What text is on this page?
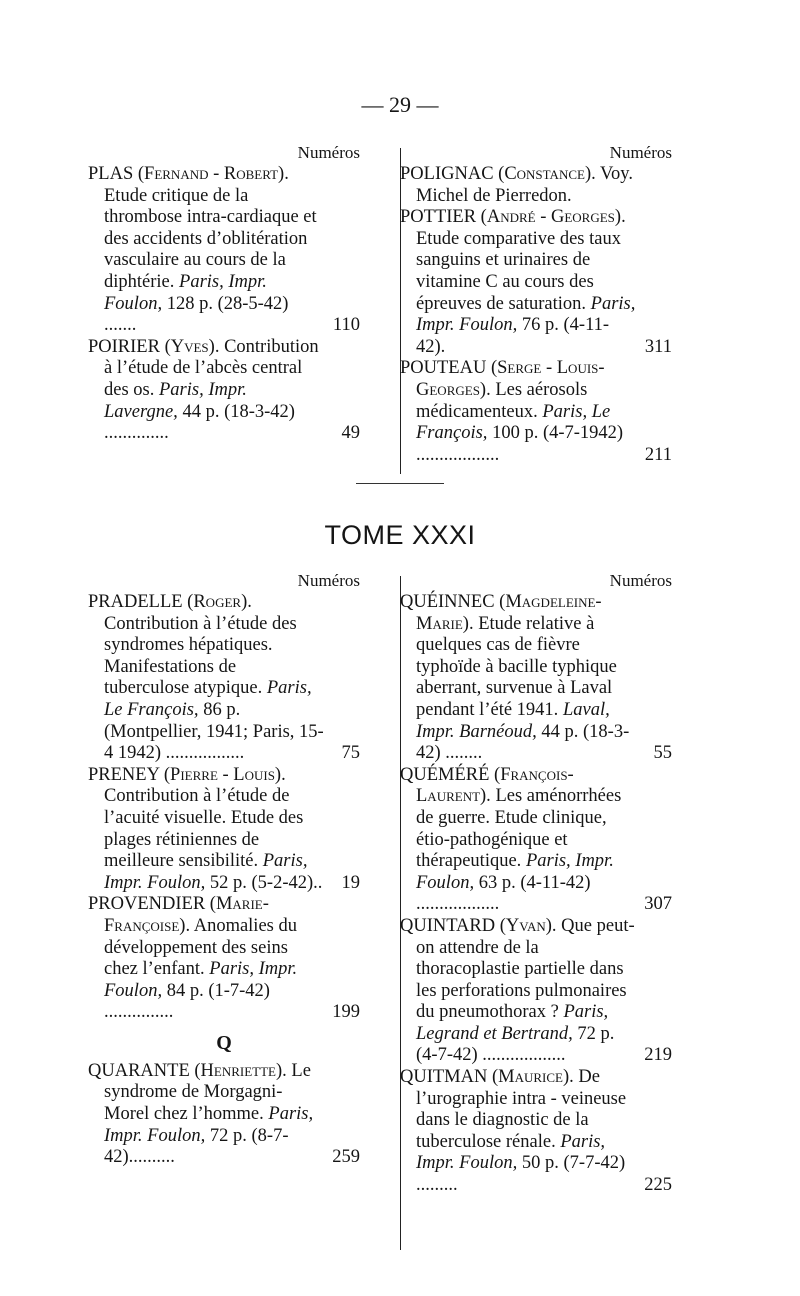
— 29 —
Numéros
PLAS (Fernand - Robert). Etude critique de la thrombose intra-cardiaque et des accidents d’oblitération vasculaire au cours de la diphtérie. Paris, Impr. Foulon, 128 p. (28-5-42) .......	110
POIRIER (Yves). Contribution à l’étude de l’abcès central des os. Paris, Impr. Lavergne, 44 p. (18-3-42) ..............	49
Numéros
POLIGNAC (Constance). Voy. Michel de Pierredon.
POTTIER (André - Georges). Etude comparative des taux sanguins et urinaires de vitamine C au cours des épreuves de saturation. Paris, Impr. Foulon, 76 p. (4-11-42).	311
POUTEAU (Serge - Louis-Georges). Les aérosols médicamenteux. Paris, Le François, 100 p. (4-7-1942) ..................	211
TOME XXXI
Numéros
PRADELLE (Roger). Contribution à l’étude des syndromes hépatiques. Manifestations de tuberculose atypique. Paris, Le François, 86 p. (Montpellier, 1941; Paris, 15-4 1942) .................	75
PRENEY (Pierre - Louis). Contribution à l’étude de l’acuité visuelle. Etude des plages rétiniennes de meilleure sensibilité. Paris, Impr. Foulon, 52 p. (5-2-42).. 19
PROVENDIER (Marie-Françoise). Anomalies du développement des seins chez l’enfant. Paris, Impr. Foulon, 84 p. (1-7-42) ...............	199
Q
QUARANTE (Henriette). Le syndrome de Morgagni-Morel chez l’homme. Paris, Impr. Foulon, 72 p. (8-7-42)..........	259
Numéros
QUÉINNEC (Magdeleine-Marie). Etude relative à quelques cas de fièvre typhoïde à bacille typhique aberrant, survenue à Laval pendant l’été 1941. Laval, Impr. Barnéoud, 44 p. (18-3-42) ........	55
QUÉMÉRÉ (François-Laurent). Les aménorrhées de guerre. Etude clinique, étio-pathogénique et thérapeutique. Paris, Impr. Foulon, 63 p. (4-11-42) ..................	307
QUINTARD (Yvan). Que peut-on attendre de la thoracoplastie partielle dans les perforations pulmonaires du pneumothorax ? Paris, Legrand et Bertrand, 72 p. (4-7-42) ..................	219
QUITMAN (Maurice). De l’urographie intra - veineuse dans le diagnostic de la tuberculose rénale. Paris, Impr. Foulon, 50 p. (7-7-42) .........	225
